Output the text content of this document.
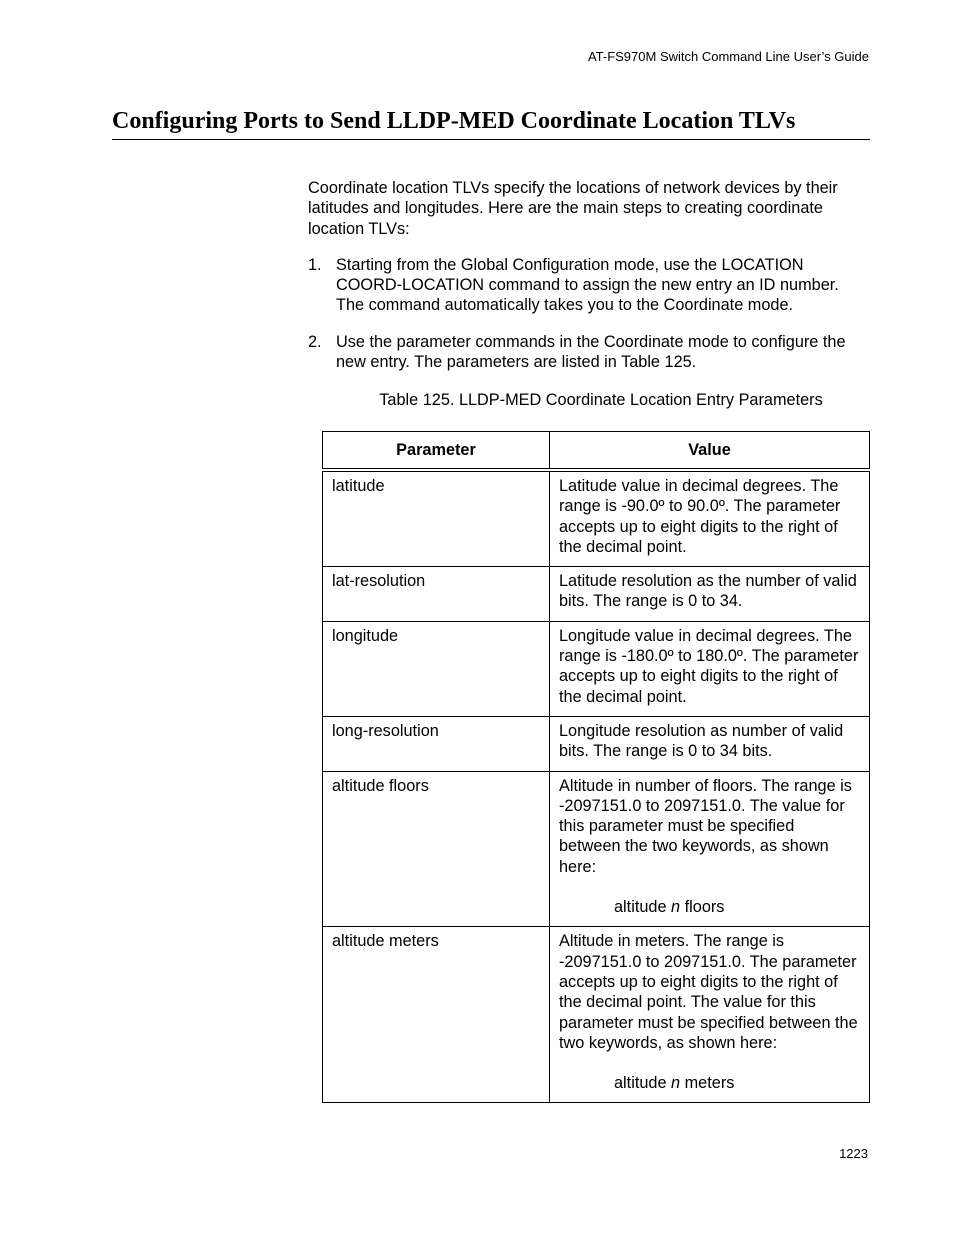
AT-FS970M Switch Command Line User’s Guide
Configuring Ports to Send LLDP-MED Coordinate Location TLVs

Coordinate location TLVs specify the locations of network devices by their latitudes and longitudes. Here are the main steps to creating coordinate location TLVs:

1. Starting from the Global Configuration mode, use the LOCATION COORD-LOCATION command to assign the new entry an ID number. The command automatically takes you to the Coordinate mode.
2. Use the parameter commands in the Coordinate mode to configure the new entry. The parameters are listed in Table 125.
Table 125. LLDP-MED Coordinate Location Entry Parameters
Parameter	Value

latitude	Latitude value in decimal degrees. The range is -90.0º to 90.0º. The parameter accepts up to eight digits to the right of the decimal point.

lat-resolution	Latitude resolution as the number of valid bits. The range is 0 to 34.

longitude	Longitude value in decimal degrees. The range is -180.0º to 180.0º. The parameter accepts up to eight digits to the right of the decimal point.

long-resolution	Longitude resolution as number of valid bits. The range is 0 to 34 bits.

altitude floors	Altitude in number of floors. The range is -2097151.0 to 2097151.0. The value for this parameter must be specified between the two keywords, as shown here:
altitude n floors

altitude meters	Altitude in meters. The range is -2097151.0 to 2097151.0. The parameter accepts up to eight digits to the right of the decimal point. The value for this parameter must be specified between the two keywords, as shown here:
altitude n meters
1223
